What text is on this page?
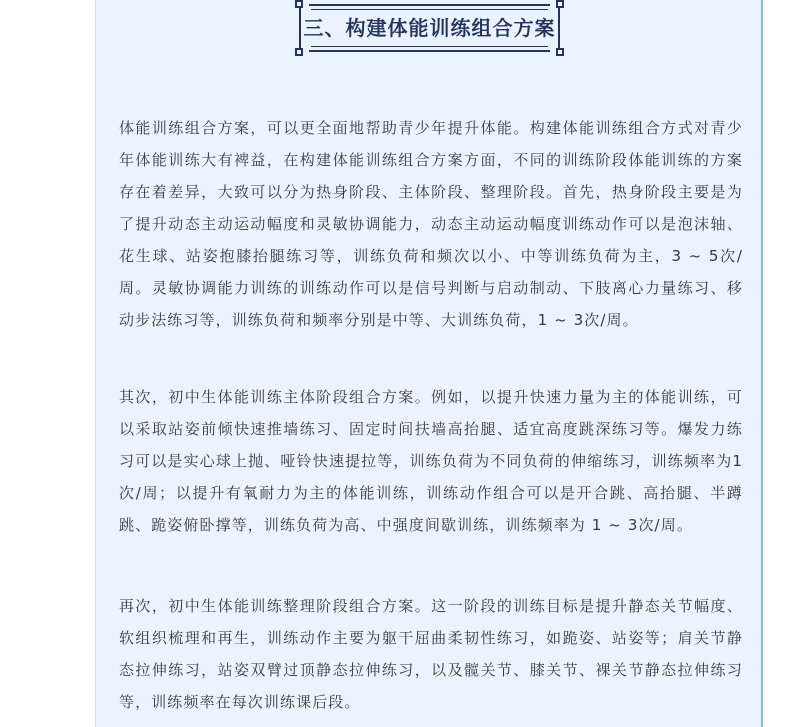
三、构建体能训练组合方案

体能训练组合方案，可以更全面地帮助青少年提升体能。构建体能训练组合方式对青少年体能训练大有裨益，在构建体能训练组合方案方面，不同的训练阶段体能训练的方案存在着差异，大致可以分为热身阶段、主体阶段、整理阶段。首先，热身阶段主要是为了提升动态主动运动幅度和灵敏协调能力，动态主动运动幅度训练动作可以是泡沫轴、花生球、站姿抱膝抬腿练习等，训练负荷和频次以小、中等训练负荷为主，3 ~ 5次/周。灵敏协调能力训练的训练动作可以是信号判断与启动制动、下肢离心力量练习、移动步法练习等，训练负荷和频率分别是中等、大训练负荷，1 ~ 3次/周。

其次，初中生体能训练主体阶段组合方案。例如，以提升快速力量为主的体能训练，可以采取站姿前倾快速推墙练习、固定时间扶墙高抬腿、适宜高度跳深练习等。爆发力练习可以是实心球上抛、哑铃快速提拉等，训练负荷为不同负荷的伸缩练习，训练频率为1次/周；以提升有氧耐力为主的体能训练，训练动作组合可以是开合跳、高抬腿、半蹲跳、跪姿俯卧撑等，训练负荷为高、中强度间歇训练，训练频率为 1 ~ 3次/周。

再次，初中生体能训练整理阶段组合方案。这一阶段的训练目标是提升静态关节幅度、软组织梳理和再生，训练动作主要为躯干屈曲柔韧性练习，如跪姿、站姿等；肩关节静态拉伸练习，站姿双臂过顶静态拉伸练习，以及髋关节、膝关节、裸关节静态拉伸练习等，训练频率在每次训练课后段。
